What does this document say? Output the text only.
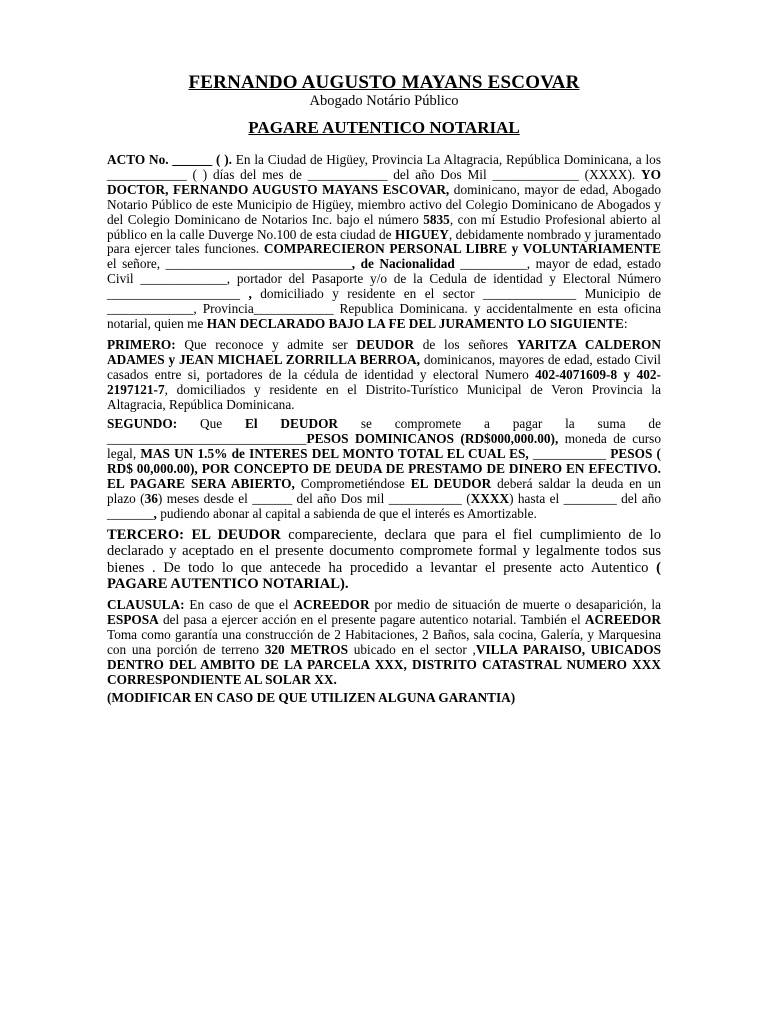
FERNANDO AUGUSTO MAYANS ESCOVAR
Abogado Notário Público
PAGARE AUTENTICO NOTARIAL

ACTO No. ______ ( ). En la Ciudad de Higüey, Provincia La Altagracia, República Dominicana, a los ____________ ( ) días del mes de ____________ del año Dos Mil _____________ (XXXX). YO DOCTOR, FERNANDO AUGUSTO MAYANS ESCOVAR, dominicano, mayor de edad, Abogado Notario Público de este Municipio de Higüey, miembro activo del Colegio Dominicano de Abogados y del Colegio Dominicano de Notarios Inc. bajo el número 5835, con mí Estudio Profesional abierto al público en la calle Duverge No.100 de esta ciudad de HIGUEY, debidamente nombrado y juramentado para ejercer tales funciones. COMPARECIERON PERSONAL LIBRE y VOLUNTARIAMENTE el señore, ____________________________, de Nacionalidad __________, mayor de edad, estado Civil _____________, portador del Pasaporte y/o de la Cedula de identidad y Electoral Número ____________________ , domiciliado y residente en el sector ______________ Municipio de _____________, Provincia____________ Republica Dominicana. y accidentalmente en esta oficina notarial, quien me HAN DECLARADO BAJO LA FE DEL JURAMENTO LO SIGUIENTE:

PRIMERO: Que reconoce y admite ser DEUDOR de los señores YARITZA CALDERON ADAMES y JEAN MICHAEL ZORRILLA BERROA, dominicanos, mayores de edad, estado Civil casados entre si, portadores de la cédula de identidad y electoral Numero 402-4071609-8 y 402-2197121-7, domiciliados y residente en el Distrito-Turístico Municipal de Veron Provincia la Altagracia, República Dominicana.

SEGUNDO: Que El DEUDOR se compromete a pagar la suma de ______________________________PESOS DOMINICANOS (RD$000,000.00), moneda de curso legal, MAS UN 1.5% de INTERES DEL MONTO TOTAL EL CUAL ES, ___________ PESOS ( RD$ 00,000.00), POR CONCEPTO DE DEUDA DE PRESTAMO DE DINERO EN EFECTIVO. EL PAGARE SERA ABIERTO, Comprometiéndose EL DEUDOR deberá saldar la deuda en un plazo (36) meses desde el ______ del año Dos mil ___________ (XXXX) hasta el ________ del año _______, pudiendo abonar al capital a sabienda de que el interés es Amortizable.

TERCERO: EL DEUDOR compareciente, declara que para el fiel cumplimiento de lo declarado y aceptado en el presente documento compromete formal y legalmente todos sus bienes . De todo lo que antecede ha procedido a levantar el presente acto Autentico ( PAGARE AUTENTICO NOTARIAL).

CLAUSULA: En caso de que el ACREEDOR por medio de situación de muerte o desaparición, la ESPOSA del pasa a ejercer acción en el presente pagare autentico notarial. También el ACREEDOR Toma como garantía una construcción de 2 Habitaciones, 2 Baños, sala cocina, Galería, y Marquesina con una porción de terreno 320 METROS ubicado en el sector ,VILLA PARAISO, UBICADOS DENTRO DEL AMBITO DE LA PARCELA XXX, DISTRITO CATASTRAL NUMERO XXX CORRESPONDIENTE AL SOLAR XX.

(MODIFICAR EN CASO DE QUE UTILIZEN ALGUNA GARANTIA)
